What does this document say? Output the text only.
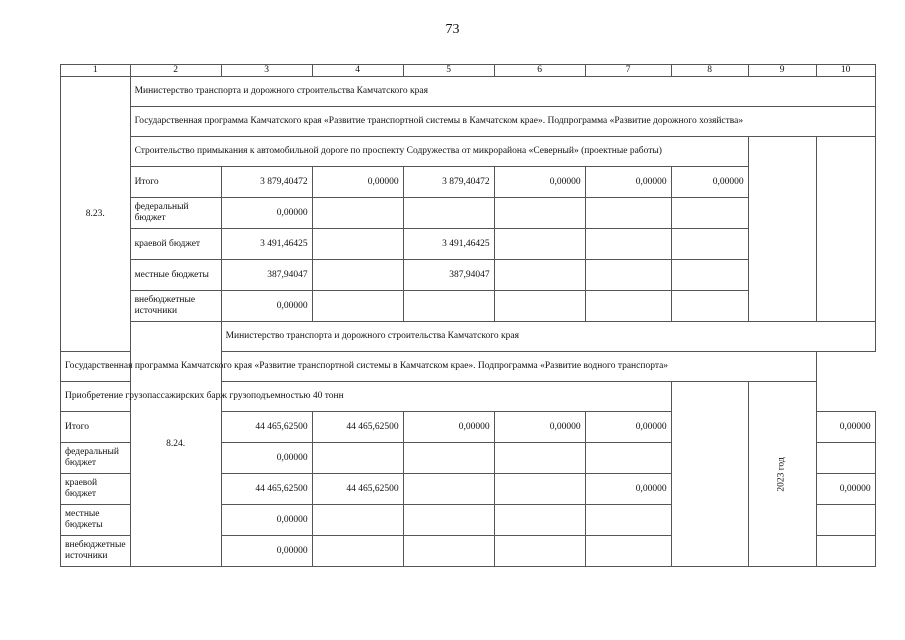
73
1	2	3	4	5	6	7	8	9	10
8.23.	Министерство транспорта и дорожного строительства Камчатского края								
	Государственная программа Камчатского края «Развитие транспортной системы в Камчатском крае». Подпрограмма «Развитие дорожного хозяйства»								
	Строительство примыкания к автомобильной дороге по проспекту Содружества от микрорайона «Северный» (проектные работы)								
	Итого	3 879,40472	0,00000	3 879,40472	0,00000	0,00000	0,00000		
	федеральный бюджет	0,00000							
	краевой бюджет	3 491,46425		3 491,46425					
	местные бюджеты	387,94047		387,94047					
	внебюджетные источники	0,00000							
	8.24.	Министерство транспорта и дорожного строительства Камчатского края							
Государственная программа Камчатского края «Развитие транспортной системы в Камчатском крае». Подпрограмма «Развитие водного транспорта»									
Приобретение грузопассажирских барж грузоподъемностью 40 тонн								2023 год	
Итого		44 465,62500	44 465,62500	0,00000	0,00000	0,00000			0,00000
федеральный бюджет		0,00000							
краевой бюджет		44 465,62500	44 465,62500			0,00000			0,00000
местные бюджеты		0,00000							
внебюджетные источники		0,00000							
